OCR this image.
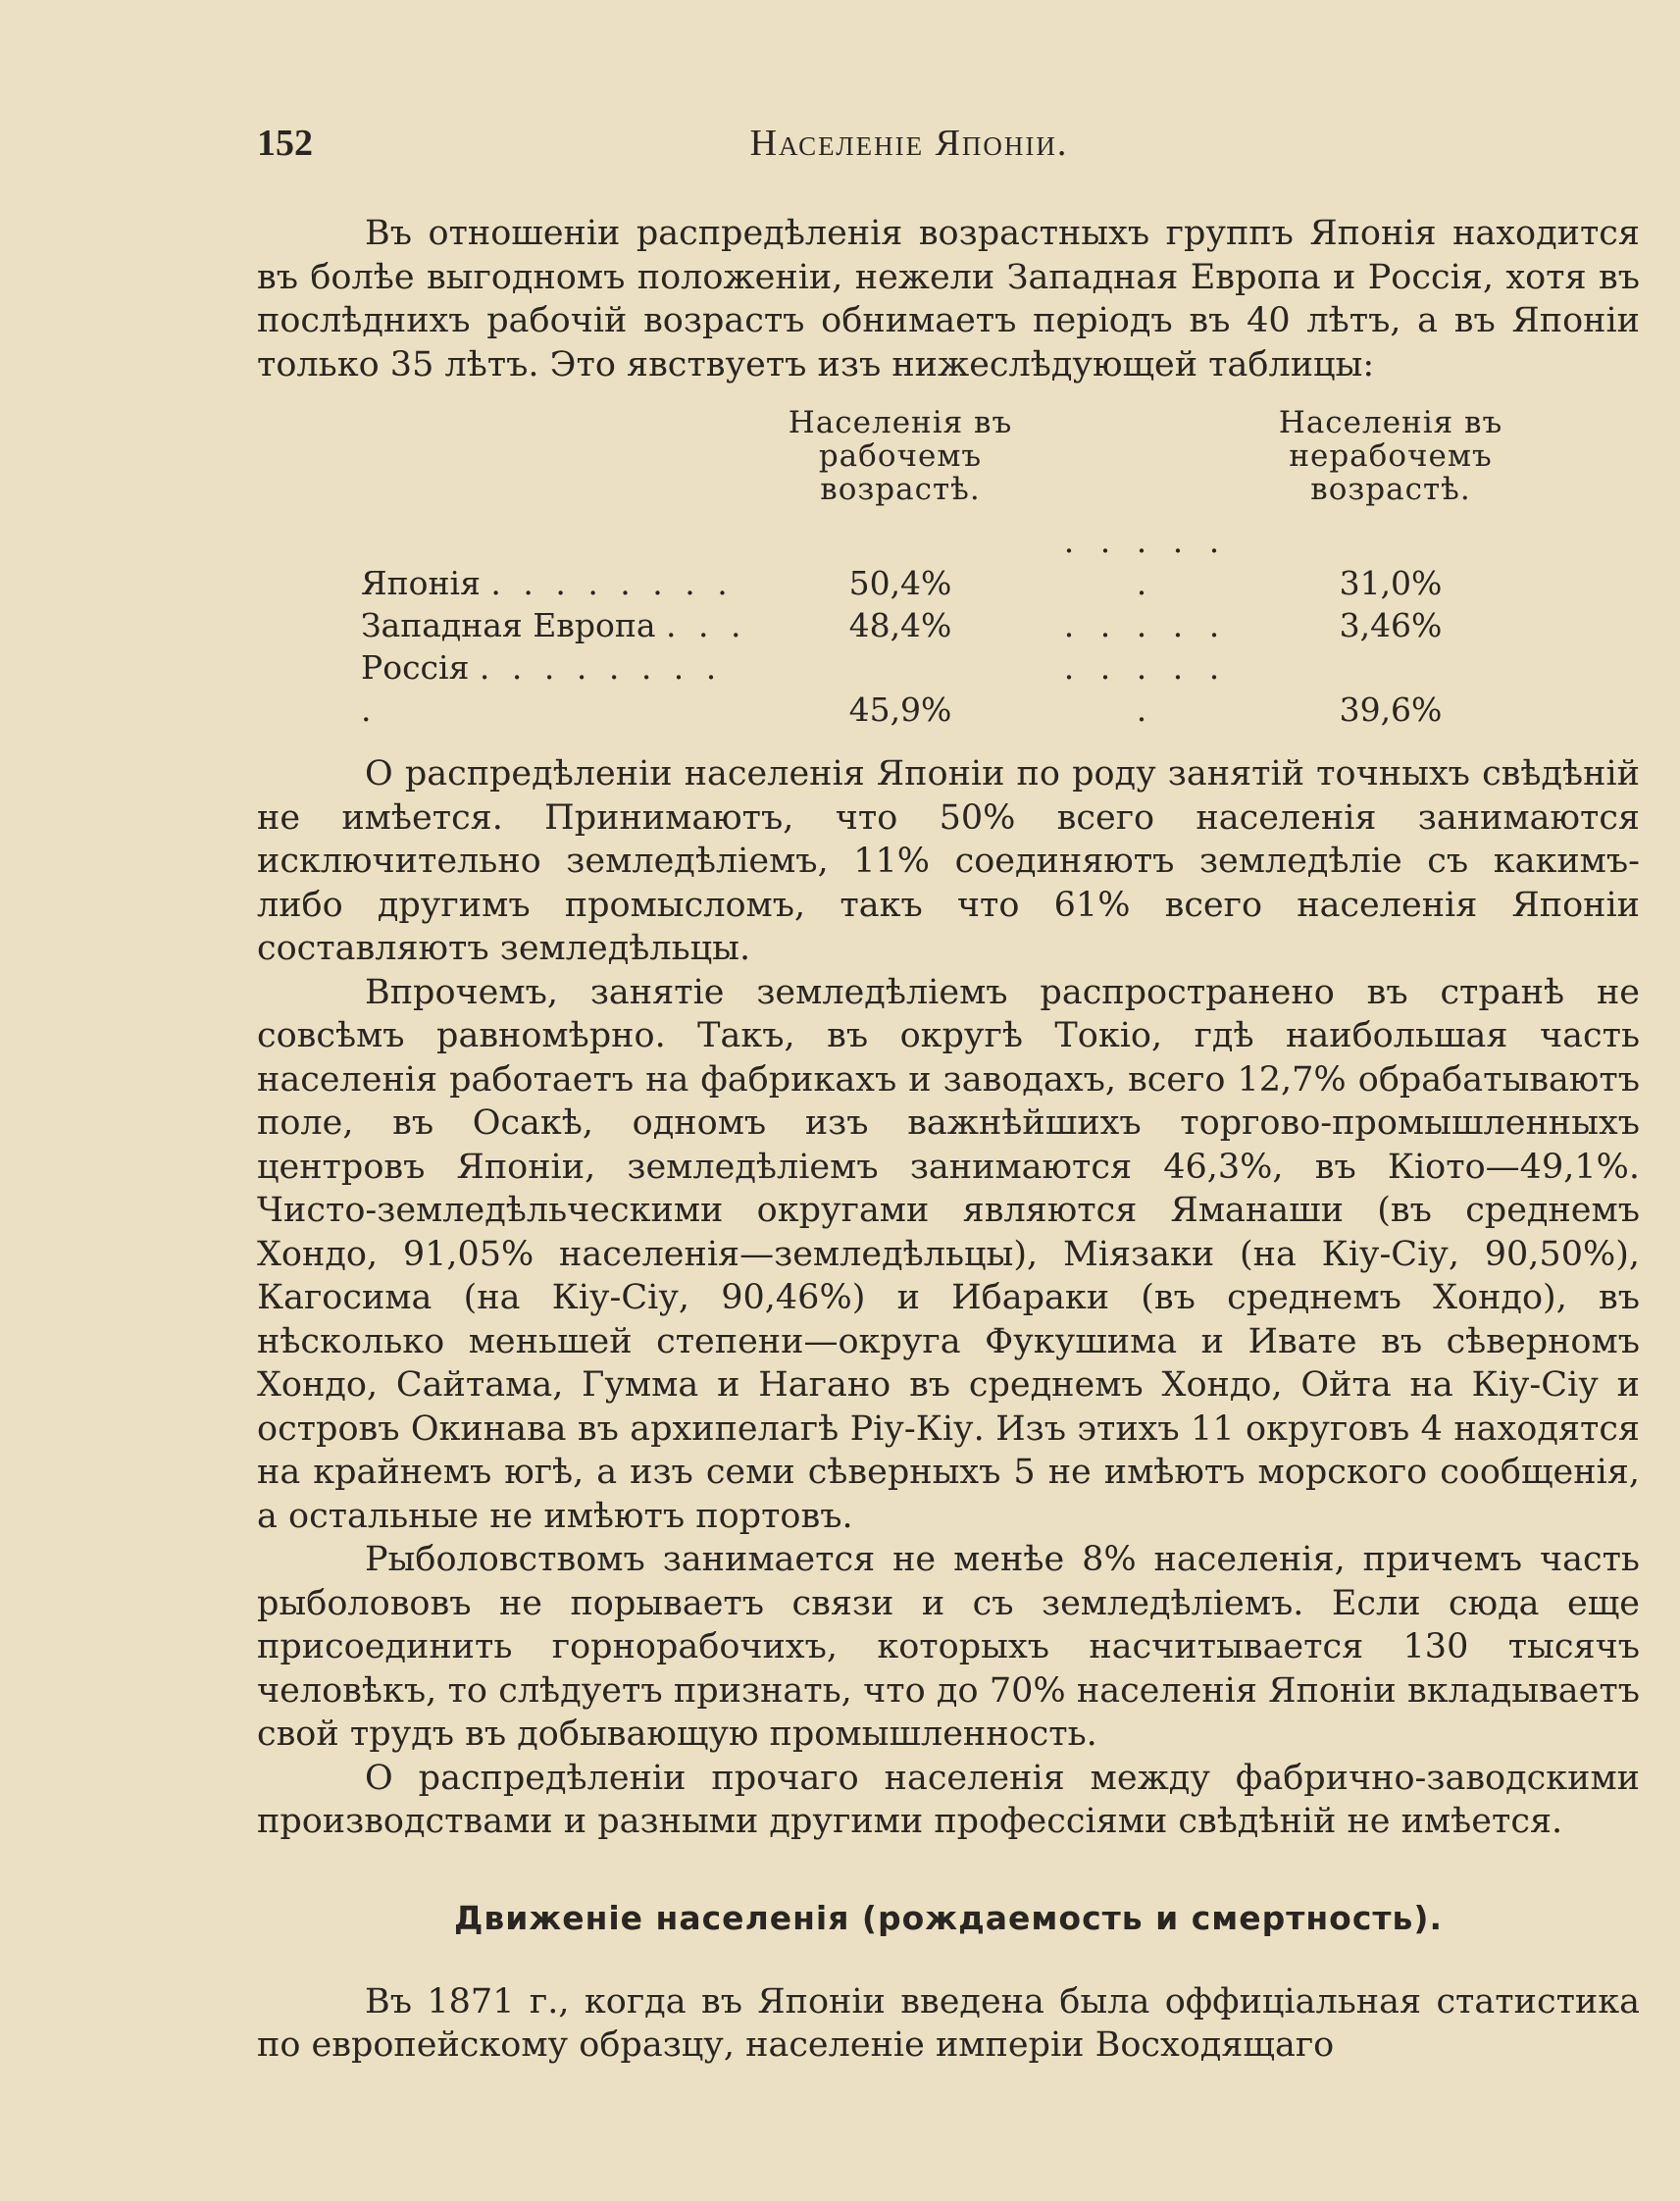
152	Населеніе Японіи.

Въ отношеніи распредѣленія возрастныхъ группъ Японія находится въ болѣе выгодномъ положеніи, нежели Западная Европа и Россія, хотя въ послѣднихъ рабочій возрастъ обнимаетъ періодъ въ 40 лѣтъ, а въ Японіи только 35 лѣтъ. Это явствуетъ изъ нижеслѣдующей таблицы:

	Населенія въ рабочемъ возрастѣ.		Населенія въ нерабочемъ возрастѣ.
Японія . . . . . . . .	50,4%	. . . . . .	31,0%
Западная Европа . . .	48,4%	. . . . .	3,46%
Россія . . . . . . . . .	45,9%	. . . . . .	39,6%

О распредѣленіи населенія Японіи по роду занятій точныхъ свѣдѣній не имѣется. Принимаютъ, что 50% всего населенія занимаются исключительно земледѣліемъ, 11% соединяютъ земледѣліе съ какимъ-либо другимъ промысломъ, такъ что 61% всего населенія Японіи составляютъ земледѣльцы.

Впрочемъ, занятіе земледѣліемъ распространено въ странѣ не совсѣмъ равномѣрно. Такъ, въ округѣ Токіо, гдѣ наибольшая часть населенія работаетъ на фабрикахъ и заводахъ, всего 12,7% обрабатываютъ поле, въ Осакѣ, одномъ изъ важнѣйшихъ торгово-промышленныхъ центровъ Японіи, земледѣліемъ занимаются 46,3%, въ Кіото—49,1%. Чисто-земледѣльческими округами являются Яманаши (въ среднемъ Хондо, 91,05% населенія—земледѣльцы), Міязаки (на Кіу-Сіу, 90,50%), Кагосима (на Кіу-Сіу, 90,46%) и Ибараки (въ среднемъ Хондо), въ нѣсколько меньшей степени—округа Фукушима и Ивате въ сѣверномъ Хондо, Сайтама, Гумма и Нагано въ среднемъ Хондо, Ойта на Кіу-Сіу и островъ Окинава въ архипелагѣ Ріу-Кіу. Изъ этихъ 11 округовъ 4 находятся на крайнемъ югѣ, а изъ семи сѣверныхъ 5 не имѣютъ морского сообщенія, а остальные не имѣютъ портовъ.

Рыболовствомъ занимается не менѣе 8% населенія, причемъ часть рыболововъ не порываетъ связи и съ земледѣліемъ. Если сюда еще присоединить горнорабочихъ, которыхъ насчитывается 130 тысячъ человѣкъ, то слѣдуетъ признать, что до 70% населенія Японіи вкладываетъ свой трудъ въ добывающую промышленность.

О распредѣленіи прочаго населенія между фабрично-заводскими производствами и разными другими профессіями свѣдѣній не имѣется.

Движеніе населенія (рождаемость и смертность).

Въ 1871 г., когда въ Японіи введена была оффиціальная статистика по европейскому образцу, населеніе имперіи Восходящаго
